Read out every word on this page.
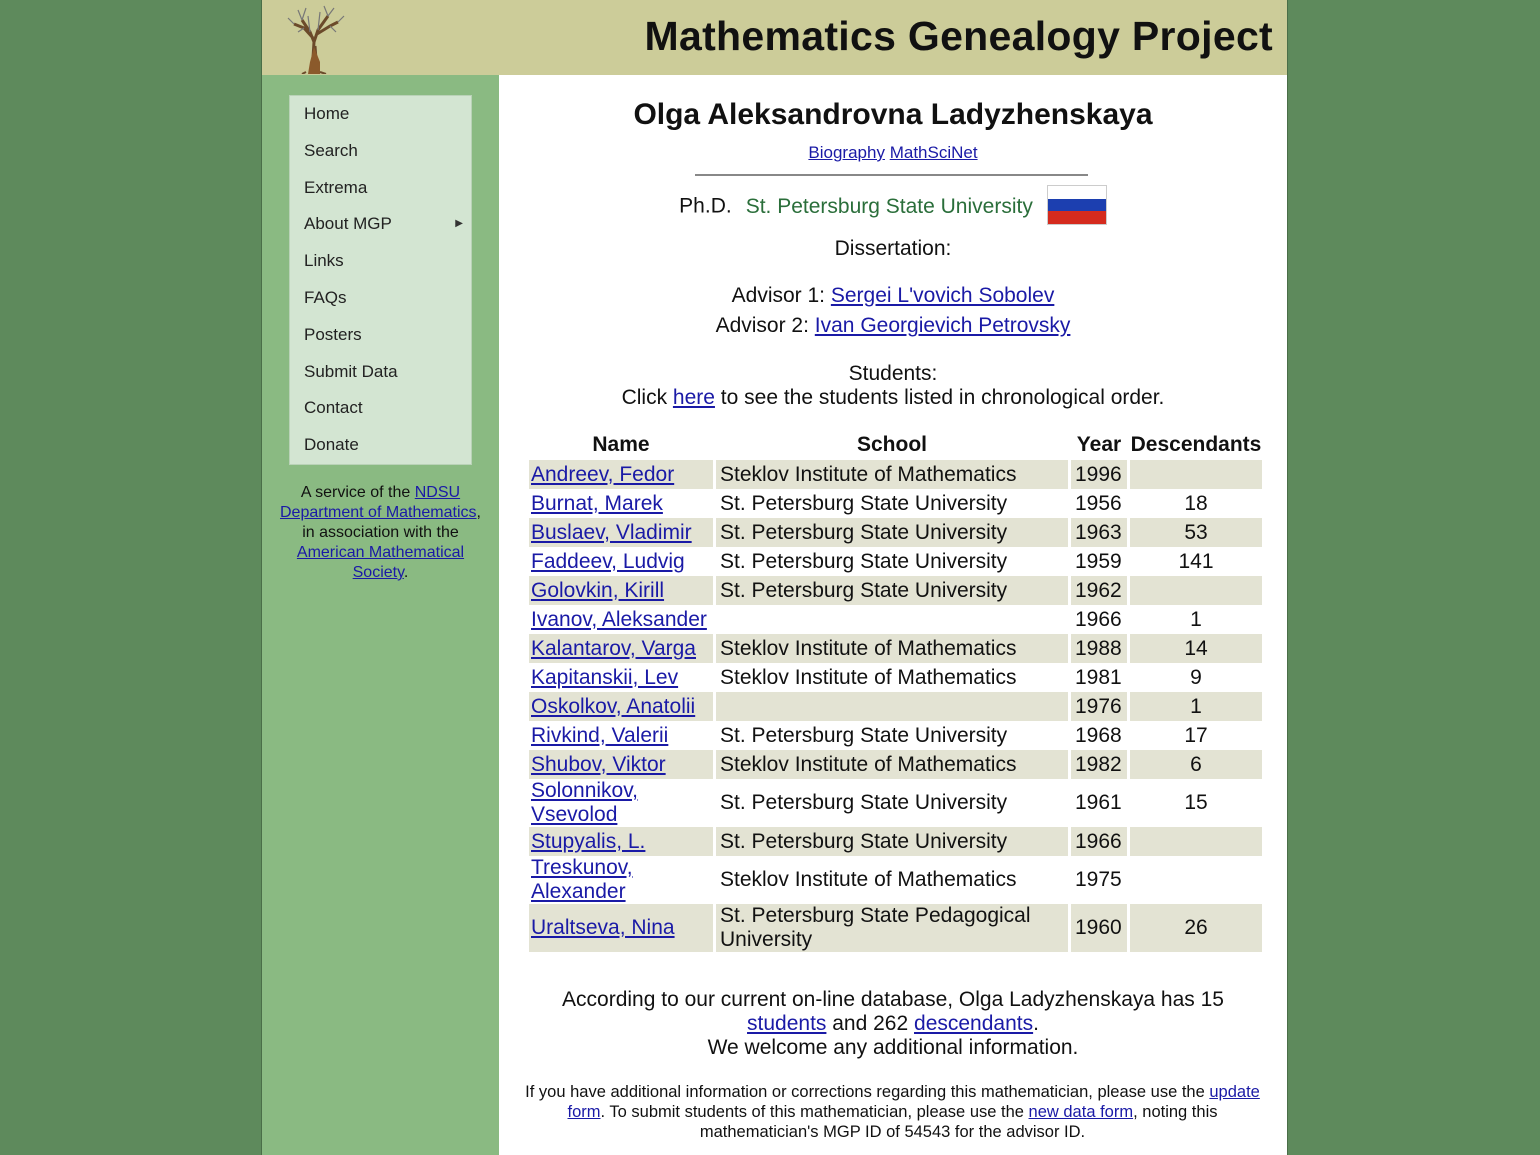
Mathematics Genealogy Project
Home
Search
Extrema
About MGP	▶
Links
FAQs
Posters
Submit Data
Contact
Donate
A service of the NDSU Department of Mathematics, in association with the American Mathematical Society.
Olga Aleksandrovna Ladyzhenskaya
Biography MathSciNet
Ph.D. St. Petersburg State University
Dissertation:
Advisor 1: Sergei L'vovich Sobolev
Advisor 2: Ivan Georgievich Petrovsky
Students:
Click here to see the students listed in chronological order.
Name	School	Year	Descendants
Andreev, Fedor	Steklov Institute of Mathematics	1996	
Burnat, Marek	St. Petersburg State University	1956	18
Buslaev, Vladimir	St. Petersburg State University	1963	53
Faddeev, Ludvig	St. Petersburg State University	1959	141
Golovkin, Kirill	St. Petersburg State University	1962	
Ivanov, Aleksander		1966	1
Kalantarov, Varga	Steklov Institute of Mathematics	1988	14
Kapitanskii, Lev	Steklov Institute of Mathematics	1981	9
Oskolkov, Anatolii		1976	1
Rivkind, Valerii	St. Petersburg State University	1968	17
Shubov, Viktor	Steklov Institute of Mathematics	1982	6
Solonnikov, Vsevolod	St. Petersburg State University	1961	15
Stupyalis, L.	St. Petersburg State University	1966	
Treskunov, Alexander	Steklov Institute of Mathematics	1975	
Uraltseva, Nina	St. Petersburg State Pedagogical University	1960	26
According to our current on-line database, Olga Ladyzhenskaya has 15
students and 262 descendants.
We welcome any additional information.
If you have additional information or corrections regarding this mathematician, please use the update form. To submit students of this mathematician, please use the new data form, noting this mathematician's MGP ID of 54543 for the advisor ID.
